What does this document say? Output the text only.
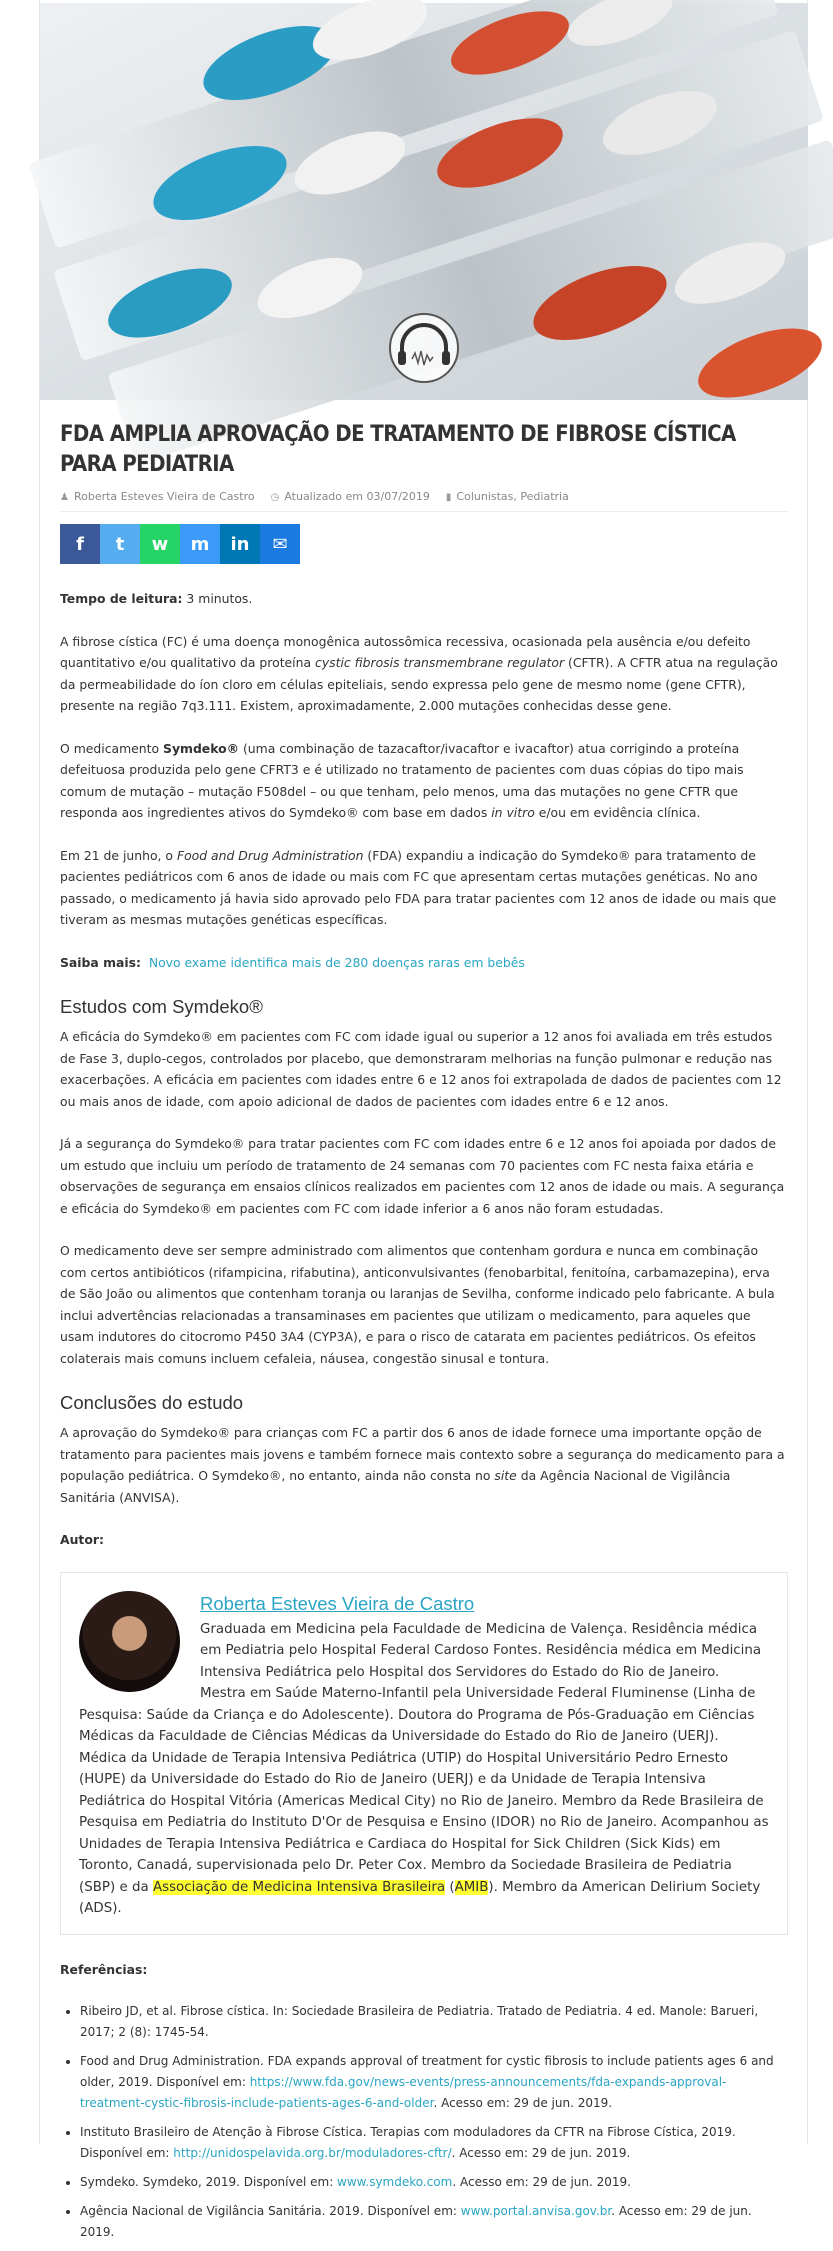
FDA AMPLIA APROVAÇÃO DE TRATAMENTO DE FIBROSE CÍSTICA PARA PEDIATRIA
♟ Roberta Esteves Vieira de Castro ◷ Atualizado em 03/07/2019 ▮ Colunistas, Pediatria
f t w m in ✉

Tempo de leitura: 3 minutos.

A fibrose cística (FC) é uma doença monogênica autossômica recessiva, ocasionada pela ausência e/ou defeito quantitativo e/ou qualitativo da proteína cystic fibrosis transmembrane regulator (CFTR). A CFTR atua na regulação da permeabilidade do íon cloro em células epiteliais, sendo expressa pelo gene de mesmo nome (gene CFTR), presente na região 7q3.111. Existem, aproximadamente, 2.000 mutações conhecidas desse gene.

O medicamento Symdeko® (uma combinação de tazacaftor/ivacaftor e ivacaftor) atua corrigindo a proteína defeituosa produzida pelo gene CFRT3 e é utilizado no tratamento de pacientes com duas cópias do tipo mais comum de mutação – mutação F508del – ou que tenham, pelo menos, uma das mutações no gene CFTR que responda aos ingredientes ativos do Symdeko® com base em dados in vitro e/ou em evidência clínica.

Em 21 de junho, o Food and Drug Administration (FDA) expandiu a indicação do Symdeko® para tratamento de pacientes pediátricos com 6 anos de idade ou mais com FC que apresentam certas mutações genéticas. No ano passado, o medicamento já havia sido aprovado pelo FDA para tratar pacientes com 12 anos de idade ou mais que tiveram as mesmas mutações genéticas específicas.

Saiba mais: Novo exame identifica mais de 280 doenças raras em bebês

Estudos com Symdeko®

A eficácia do Symdeko® em pacientes com FC com idade igual ou superior a 12 anos foi avaliada em três estudos de Fase 3, duplo-cegos, controlados por placebo, que demonstraram melhorias na função pulmonar e redução nas exacerbações. A eficácia em pacientes com idades entre 6 e 12 anos foi extrapolada de dados de pacientes com 12 ou mais anos de idade, com apoio adicional de dados de pacientes com idades entre 6 e 12 anos.

Já a segurança do Symdeko® para tratar pacientes com FC com idades entre 6 e 12 anos foi apoiada por dados de um estudo que incluiu um período de tratamento de 24 semanas com 70 pacientes com FC nesta faixa etária e observações de segurança em ensaios clínicos realizados em pacientes com 12 anos de idade ou mais. A segurança e eficácia do Symdeko® em pacientes com FC com idade inferior a 6 anos não foram estudadas.

O medicamento deve ser sempre administrado com alimentos que contenham gordura e nunca em combinação com certos antibióticos (rifampicina, rifabutina), anticonvulsivantes (fenobarbital, fenitoína, carbamazepina), erva de São João ou alimentos que contenham toranja ou laranjas de Sevilha, conforme indicado pelo fabricante. A bula inclui advertências relacionadas a transaminases em pacientes que utilizam o medicamento, para aqueles que usam indutores do citocromo P450 3A4 (CYP3A), e para o risco de catarata em pacientes pediátricos. Os efeitos colaterais mais comuns incluem cefaleia, náusea, congestão sinusal e tontura.

Conclusões do estudo

A aprovação do Symdeko® para crianças com FC a partir dos 6 anos de idade fornece uma importante opção de tratamento para pacientes mais jovens e também fornece mais contexto sobre a segurança do medicamento para a população pediátrica. O Symdeko®, no entanto, ainda não consta no site da Agência Nacional de Vigilância Sanitária (ANVISA).

Autor:

Roberta Esteves Vieira de Castro
Graduada em Medicina pela Faculdade de Medicina de Valença. Residência médica em Pediatria pelo Hospital Federal Cardoso Fontes. Residência médica em Medicina Intensiva Pediátrica pelo Hospital dos Servidores do Estado do Rio de Janeiro. Mestra em Saúde Materno-Infantil pela Universidade Federal Fluminense (Linha de Pesquisa: Saúde da Criança e do Adolescente). Doutora do Programa de Pós-Graduação em Ciências Médicas da Faculdade de Ciências Médicas da Universidade do Estado do Rio de Janeiro (UERJ). Médica da Unidade de Terapia Intensiva Pediátrica (UTIP) do Hospital Universitário Pedro Ernesto (HUPE) da Universidade do Estado do Rio de Janeiro (UERJ) e da Unidade de Terapia Intensiva Pediátrica do Hospital Vitória (Americas Medical City) no Rio de Janeiro. Membro da Rede Brasileira de Pesquisa em Pediatria do Instituto D'Or de Pesquisa e Ensino (IDOR) no Rio de Janeiro. Acompanhou as Unidades de Terapia Intensiva Pediátrica e Cardiaca do Hospital for Sick Children (Sick Kids) em Toronto, Canadá, supervisionada pelo Dr. Peter Cox. Membro da Sociedade Brasileira de Pediatria (SBP) e da Associação de Medicina Intensiva Brasileira (AMIB). Membro da American Delirium Society (ADS).

Referências:

• Ribeiro JD, et al. Fibrose cística. In: Sociedade Brasileira de Pediatria. Tratado de Pediatria. 4 ed. Manole: Barueri, 2017; 2 (8): 1745-54.
• Food and Drug Administration. FDA expands approval of treatment for cystic fibrosis to include patients ages 6 and older, 2019. Disponível em: https://www.fda.gov/news-events/press-announcements/fda-expands-approval-treatment-cystic-fibrosis-include-patients-ages-6-and-older. Acesso em: 29 de jun. 2019.
• Instituto Brasileiro de Atenção à Fibrose Cística. Terapias com moduladores da CFTR na Fibrose Cística, 2019. Disponível em: http://unidospelavida.org.br/moduladores-cftr/. Acesso em: 29 de jun. 2019.
• Symdeko. Symdeko, 2019. Disponível em: www.symdeko.com. Acesso em: 29 de jun. 2019.
• Agência Nacional de Vigilância Sanitária. 2019. Disponível em: www.portal.anvisa.gov.br. Acesso em: 29 de jun. 2019.
